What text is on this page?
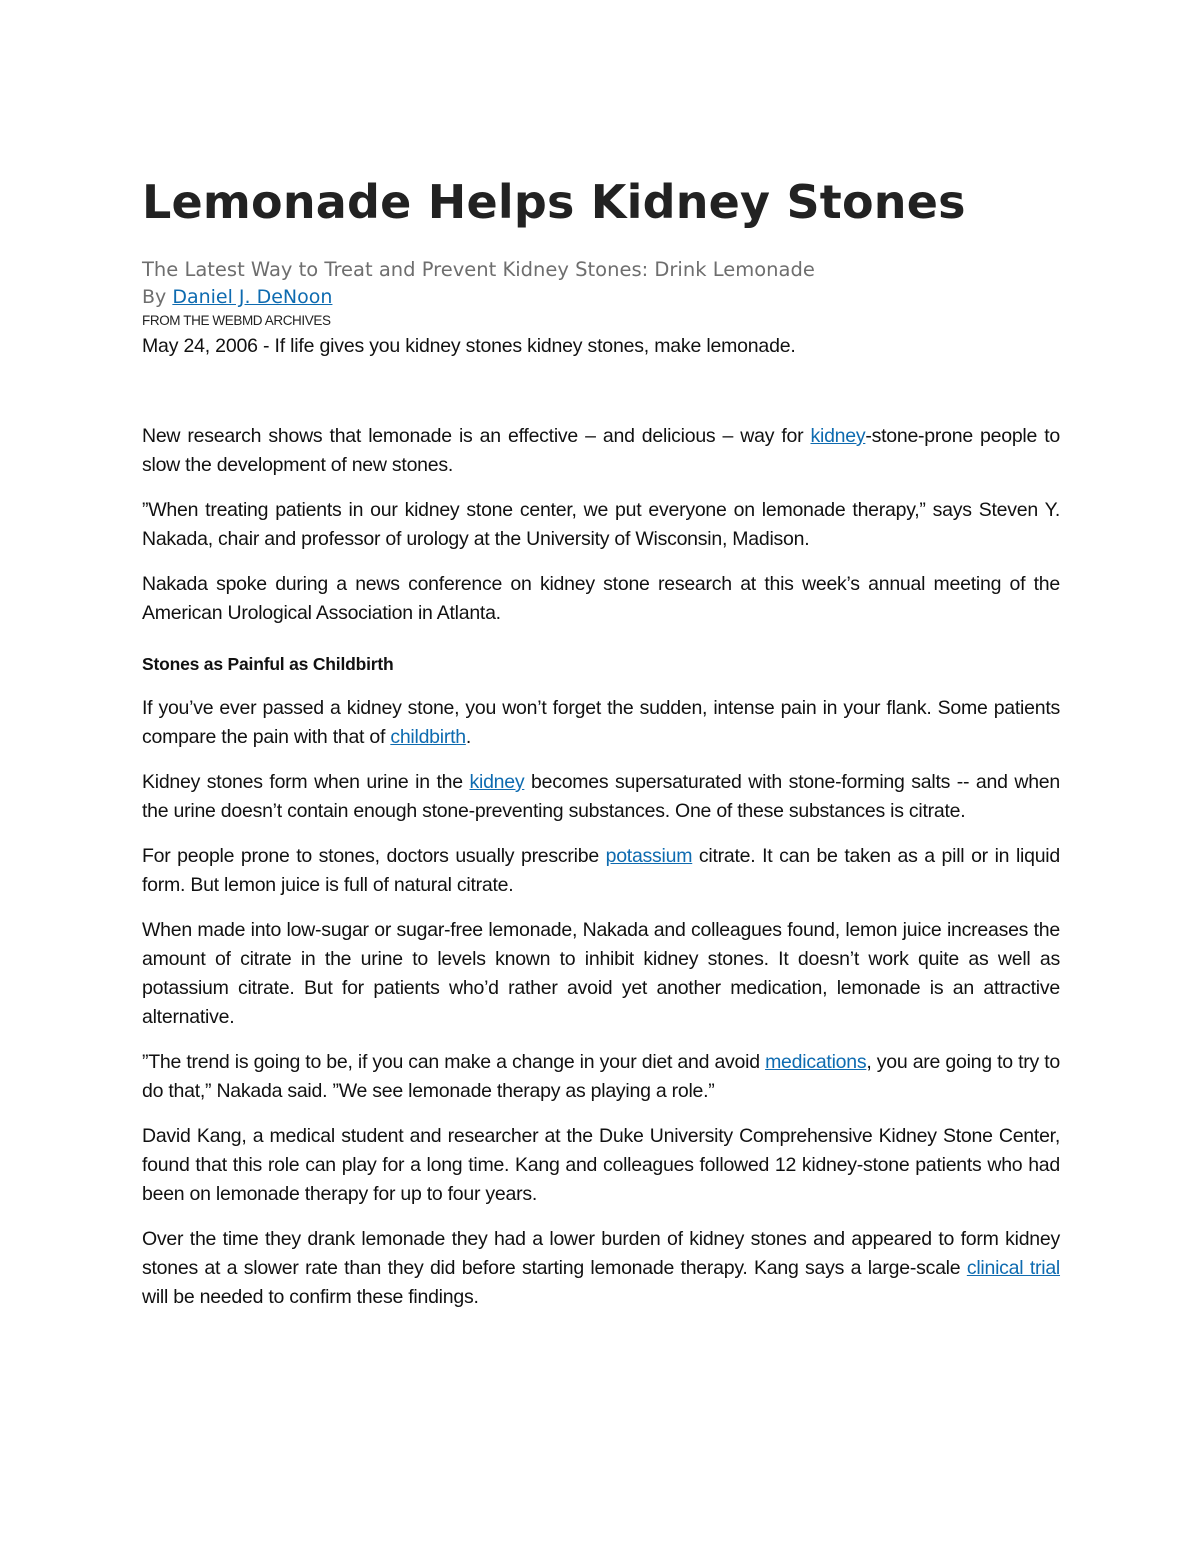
Lemonade Helps Kidney Stones
The Latest Way to Treat and Prevent Kidney Stones: Drink Lemonade
By Daniel J. DeNoon
FROM THE WEBMD ARCHIVES
May 24, 2006 - If life gives you kidney stones kidney stones, make lemonade.

New research shows that lemonade is an effective – and delicious – way for kidney-stone-prone people to slow the development of new stones.

”When treating patients in our kidney stone center, we put everyone on lemonade therapy,” says Steven Y. Nakada, chair and professor of urology at the University of Wisconsin, Madison.

Nakada spoke during a news conference on kidney stone research at this week’s annual meeting of the American Urological Association in Atlanta.

Stones as Painful as Childbirth

If you’ve ever passed a kidney stone, you won’t forget the sudden, intense pain in your flank. Some patients compare the pain with that of childbirth.

Kidney stones form when urine in the kidney becomes supersaturated with stone-forming salts -- and when the urine doesn’t contain enough stone-preventing substances. One of these substances is citrate.

For people prone to stones, doctors usually prescribe potassium citrate. It can be taken as a pill or in liquid form. But lemon juice is full of natural citrate.

When made into low-sugar or sugar-free lemonade, Nakada and colleagues found, lemon juice increases the amount of citrate in the urine to levels known to inhibit kidney stones. It doesn’t work quite as well as potassium citrate. But for patients who’d rather avoid yet another medication, lemonade is an attractive alternative.

”The trend is going to be, if you can make a change in your diet and avoid medications, you are going to try to do that,” Nakada said. ”We see lemonade therapy as playing a role.”

David Kang, a medical student and researcher at the Duke University Comprehensive Kidney Stone Center, found that this role can play for a long time. Kang and colleagues followed 12 kidney-stone patients who had been on lemonade therapy for up to four years.

Over the time they drank lemonade they had a lower burden of kidney stones and appeared to form kidney stones at a slower rate than they did before starting lemonade therapy. Kang says a large-scale clinical trial will be needed to confirm these findings.
